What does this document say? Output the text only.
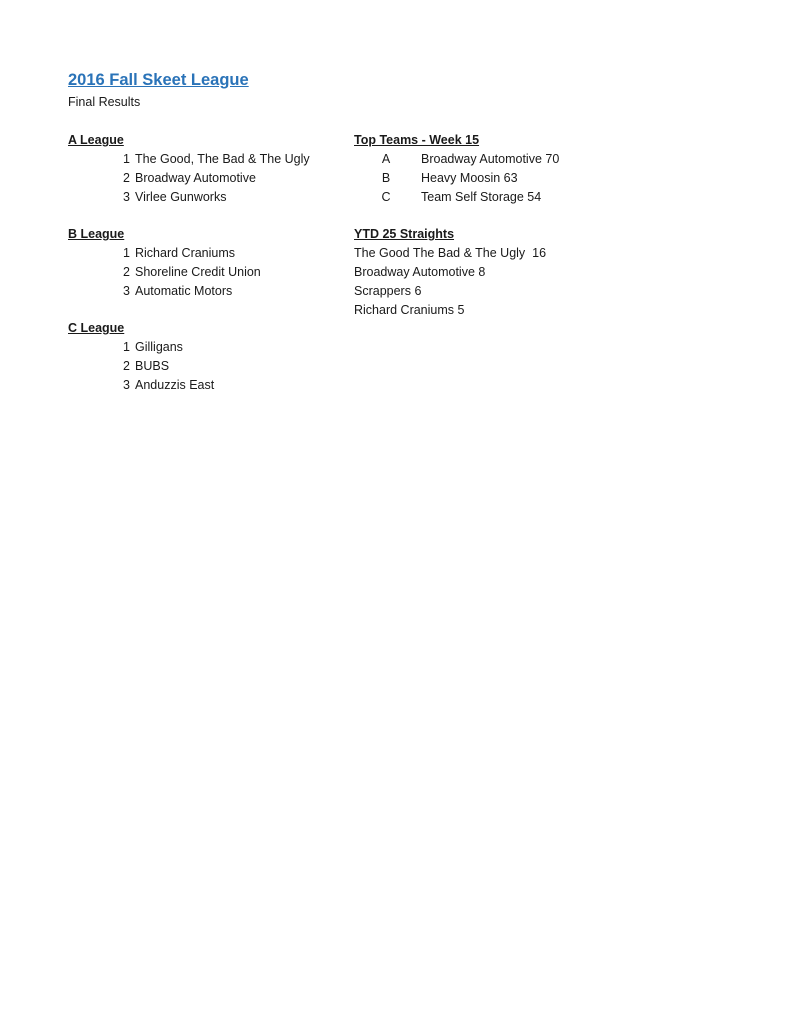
2016 Fall Skeet League
Final Results
A League
1 The Good, The Bad & The Ugly
2 Broadway Automotive
3 Virlee Gunworks
B League
1 Richard Craniums
2 Shoreline Credit Union
3 Automatic Motors
C League
1 Gilligans
2 BUBS
3 Anduzzis East
Top Teams - Week 15
A	Broadway Automotive 70
B	Heavy Moosin 63
C Team Self Storage 54
YTD 25 Straights
The Good The Bad & The Ugly  16
Broadway Automotive 8
Scrappers 6
Richard Craniums 5
